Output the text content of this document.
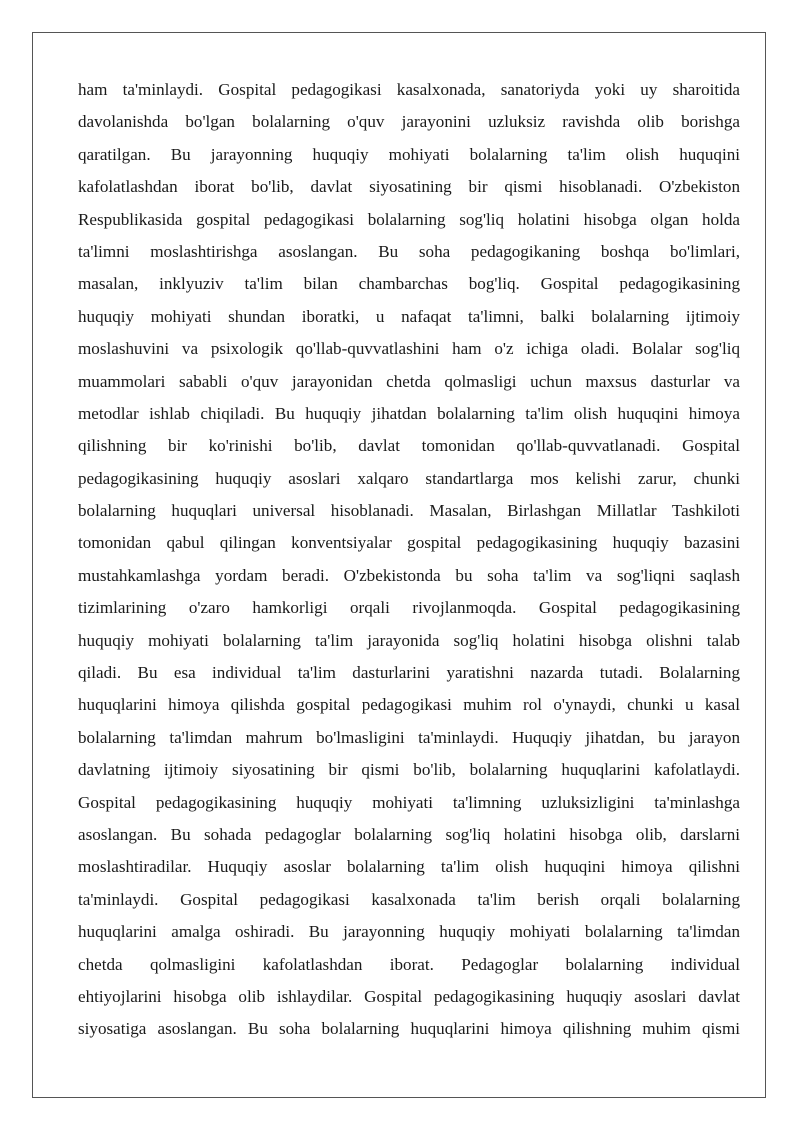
ham ta'minlaydi. Gospital pedagogikasi kasalxonada, sanatoriyda yoki uy sharoitida
davolanishda bo'lgan bolalarning o'quv jarayonini uzluksiz ravishda olib borishga
qaratilgan. Bu jarayonning huquqiy mohiyati bolalarning ta'lim olish huquqini
kafolatlashdan iborat bo'lib, davlat siyosatining bir qismi hisoblanadi. O'zbekiston
Respublikasida gospital pedagogikasi bolalarning sog'liq holatini hisobga olgan holda
ta'limni moslashtirishga asoslangan. Bu soha pedagogikaning boshqa bo'limlari,
masalan, inklyuziv ta'lim bilan chambarchas bog'liq. Gospital pedagogikasining
huquqiy mohiyati shundan iboratki, u nafaqat ta'limni, balki bolalarning ijtimoiy
moslashuvini va psixologik qo'llab-quvvatlashini ham o'z ichiga oladi. Bolalar sog'liq
muammolari sababli o'quv jarayonidan chetda qolmasligi uchun maxsus dasturlar va
metodlar ishlab chiqiladi. Bu huquqiy jihatdan bolalarning ta'lim olish huquqini himoya
qilishning bir ko'rinishi bo'lib, davlat tomonidan qo'llab-quvvatlanadi. Gospital
pedagogikasining huquqiy asoslari xalqaro standartlarga mos kelishi zarur, chunki
bolalarning huquqlari universal hisoblanadi. Masalan, Birlashgan Millatlar Tashkiloti
tomonidan qabul qilingan konventsiyalar gospital pedagogikasining huquqiy bazasini
mustahkamlashga yordam beradi. O'zbekistonda bu soha ta'lim va sog'liqni saqlash
tizimlarining o'zaro hamkorligi orqali rivojlanmoqda. Gospital pedagogikasining
huquqiy mohiyati bolalarning ta'lim jarayonida sog'liq holatini hisobga olishni talab
qiladi. Bu esa individual ta'lim dasturlarini yaratishni nazarda tutadi. Bolalarning
huquqlarini himoya qilishda gospital pedagogikasi muhim rol o'ynaydi, chunki u kasal
bolalarning ta'limdan mahrum bo'lmasligini ta'minlaydi. Huquqiy jihatdan, bu jarayon
davlatning ijtimoiy siyosatining bir qismi bo'lib, bolalarning huquqlarini kafolatlaydi.
Gospital pedagogikasining huquqiy mohiyati ta'limning uzluksizligini ta'minlashga
asoslangan. Bu sohada pedagoglar bolalarning sog'liq holatini hisobga olib, darslarni
moslashtiradilar. Huquqiy asoslar bolalarning ta'lim olish huquqini himoya qilishni
ta'minlaydi. Gospital pedagogikasi kasalxonada ta'lim berish orqali bolalarning
huquqlarini amalga oshiradi. Bu jarayonning huquqiy mohiyati bolalarning ta'limdan
chetda qolmasligini kafolatlashdan iborat. Pedagoglar bolalarning individual
ehtiyojlarini hisobga olib ishlaydilar. Gospital pedagogikasining huquqiy asoslari davlat
siyosatiga asoslangan. Bu soha bolalarning huquqlarini himoya qilishning muhim qismi
